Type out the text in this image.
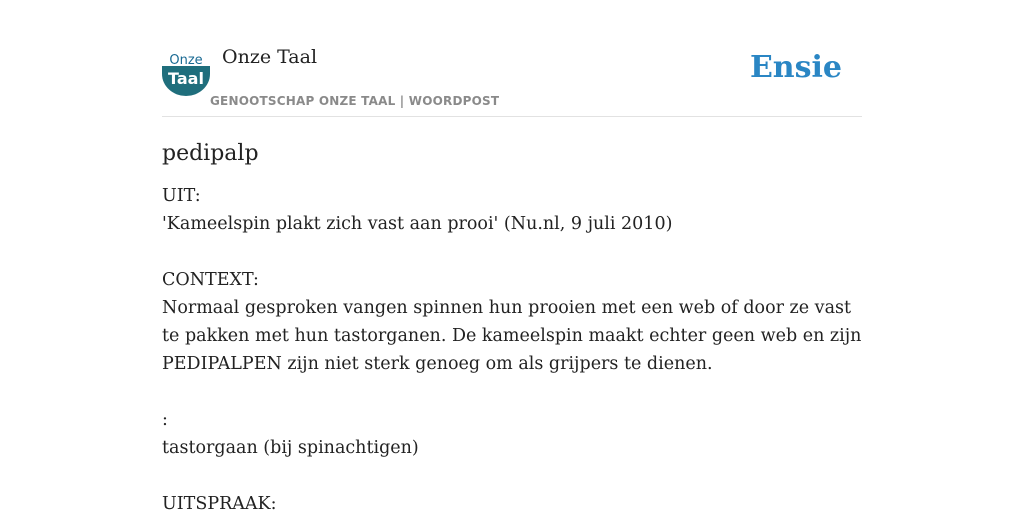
Onze
Taal
Onze Taal
GENOOTSCHAP ONZE TAAL | WOORDPOST
Ensie
pedipalp

UIT:

'Kameelspin plakt zich vast aan prooi' (Nu.nl, 9 juli 2010)

CONTEXT:

Normaal gesproken vangen spinnen hun prooien met een web of door ze vast te pakken met hun tastorganen. De kameelspin maakt echter geen web en zijn PEDIPALPEN zijn niet sterk genoeg om als grijpers te dienen.

:

tastorgaan (bij spinachtigen)

UITSPRAAK:
